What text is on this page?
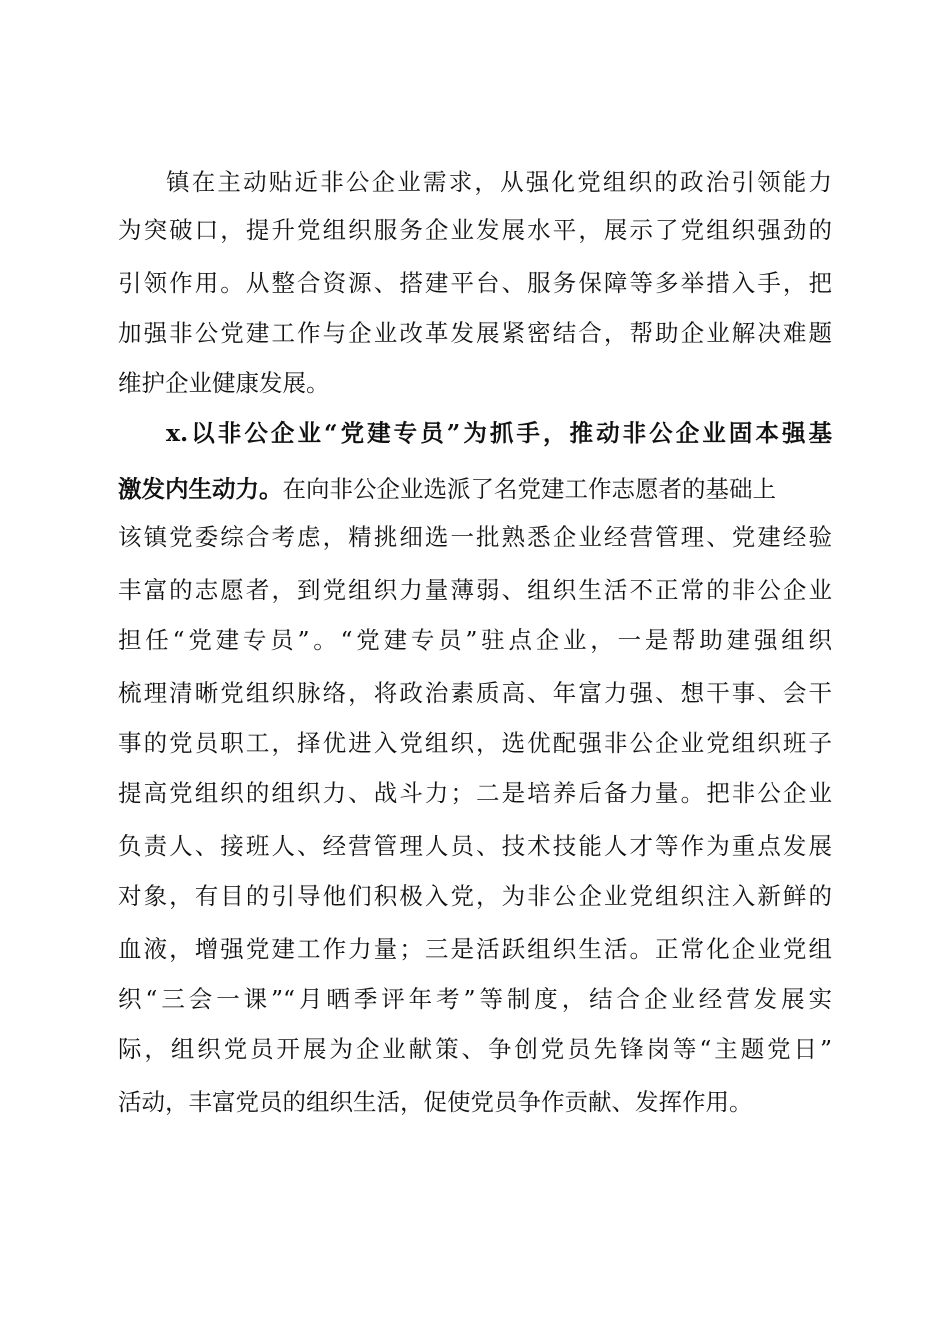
镇在主动贴近非公企业需求，从强化党组织的政治引领能力
为突破口，提升党组织服务企业发展水平，展示了党组织强劲的
引领作用。从整合资源、搭建平台、服务保障等多举措入手，把
加强非公党建工作与企业改革发展紧密结合，帮助企业解决难题
维护企业健康发展。
x.以非公企业“党建专员”为抓手，推动非公企业固本强基
激发内生动力。在向非公企业选派了名党建工作志愿者的基础上
该镇党委综合考虑，精挑细选一批熟悉企业经营管理、党建经验
丰富的志愿者，到党组织力量薄弱、组织生活不正常的非公企业
担任“党建专员”。“党建专员”驻点企业，一是帮助建强组织
梳理清晰党组织脉络，将政治素质高、年富力强、想干事、会干
事的党员职工，择优进入党组织，选优配强非公企业党组织班子
提高党组织的组织力、战斗力；二是培养后备力量。把非公企业
负责人、接班人、经营管理人员、技术技能人才等作为重点发展
对象，有目的引导他们积极入党，为非公企业党组织注入新鲜的
血液，增强党建工作力量；三是活跃组织生活。正常化企业党组
织“三会一课”“月晒季评年考”等制度，结合企业经营发展实
际，组织党员开展为企业献策、争创党员先锋岗等“主题党日”
活动，丰富党员的组织生活，促使党员争作贡献、发挥作用。
